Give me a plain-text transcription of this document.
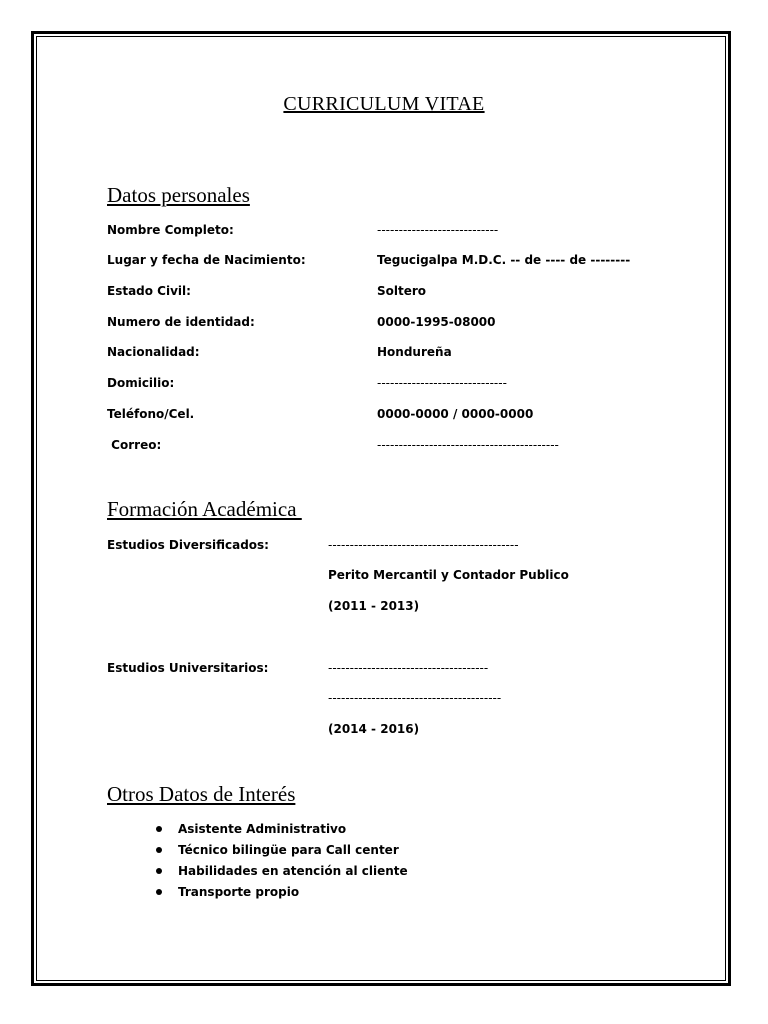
CURRICULUM VITAE
Datos personales
Nombre Completo:	----------------------------
Lugar y fecha de Nacimiento:	Tegucigalpa M.D.C. -- de ---- de --------
Estado Civil:	Soltero
Numero de identidad:	0000-1995-08000
Nacionalidad:	Hondureña
Domicilio:	------------------------------
Teléfono/Cel.	0000-0000 / 0000-0000
Correo:	------------------------------------------
Formación Académica
Estudios Diversificados:	--------------------------------------------
Perito Mercantil y Contador Publico
(2011 - 2013)
Estudios Universitarios:	-------------------------------------
----------------------------------------
(2014 - 2016)
Otros Datos de Interés

Asistente Administrativo

Técnico bilingüe para Call center

Habilidades en atención al cliente

Transporte propio
